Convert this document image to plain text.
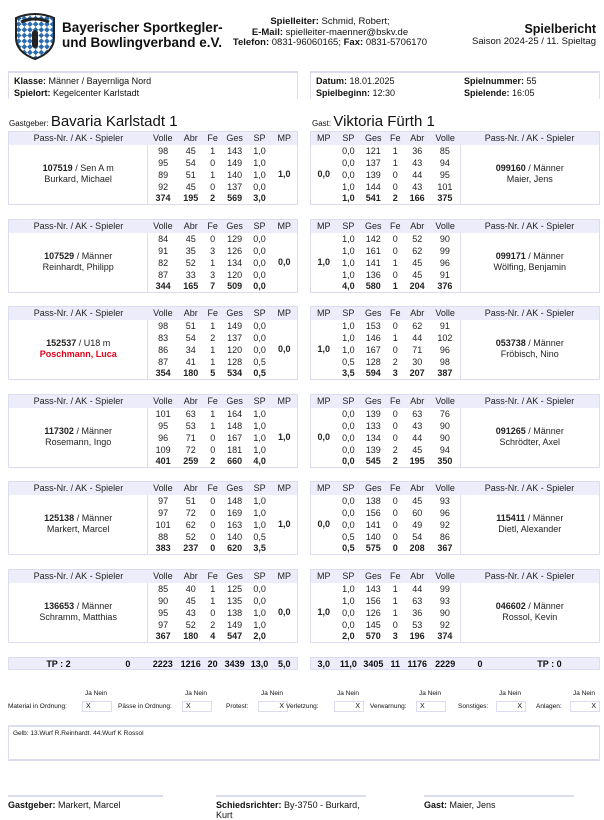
Bayerischer Sportkegler-
und Bowlingverband e.V.
Spielleiter: Schmid, Robert;
E-Mail: spielleiter-maenner@bskv.de
Telefon: 0831-96060165; Fax: 0831-5706170
Spielbericht
Saison 2024-25 / 11. Spieltag
Klasse: Männer / Bayernliga Nord
Spielort: Kegelcenter Karlstadt
Datum: 18.01.2025
Spielbeginn: 12:30
Spielnummer: 55
Spielende: 16:05
Gastgeber: Bavaria Karlstadt 1	Gast: Viktoria Fürth 1
Pass-Nr. / AK - Spieler	Volle	Abr	Fe	Ges	SP	MP
107519 / Sen A m
Burkard, Michael	98	45	1	143	1,0	1,0
	95	54	0	149	1,0	
	89	51	1	140	1,0	
	92	45	0	137	0,0	
	374	195	2	569	3,0	
Pass-Nr. / AK - Spieler	Volle	Abr	Fe	Ges	SP	MP
107529 / Männer
Reinhardt, Philipp	84	45	0	129	0,0	0,0
	91	35	3	126	0,0	
	82	52	1	134	0,0	
	87	33	3	120	0,0	
	344	165	7	509	0,0	
Pass-Nr. / AK - Spieler	Volle	Abr	Fe	Ges	SP	MP
152537 / U18 m
Poschmann, Luca	98	51	1	149	0,0	0,0
	83	54	2	137	0,0	
	86	34	1	120	0,0	
	87	41	1	128	0,5	
	354	180	5	534	0,5	
Pass-Nr. / AK - Spieler	Volle	Abr	Fe	Ges	SP	MP
117302 / Männer
Rosemann, Ingo	101	63	1	164	1,0	1,0
	95	53	1	148	1,0	
	96	71	0	167	1,0	
	109	72	0	181	1,0	
	401	259	2	660	4,0	
Pass-Nr. / AK - Spieler	Volle	Abr	Fe	Ges	SP	MP
125138 / Männer
Markert, Marcel	97	51	0	148	1,0	1,0
	97	72	0	169	1,0	
	101	62	0	163	1,0	
	88	52	0	140	0,5	
	383	237	0	620	3,5	
Pass-Nr. / AK - Spieler	Volle	Abr	Fe	Ges	SP	MP
136653 / Männer
Schramm, Matthias	85	40	1	125	0,0	0,0
	90	45	1	135	0,0	
	95	43	0	138	1,0	
	97	52	2	149	1,0	
	367	180	4	547	2,0	
MP	SP	Ges	Fe	Abr	Volle	Pass-Nr. / AK - Spieler
0,0	0,0	121	1	36	85	099160 / Männer
Maier, Jens
	0,0	137	1	43	94	
	0,0	139	0	44	95	
	1,0	144	0	43	101	
	1,0	541	2	166	375	
MP	SP	Ges	Fe	Abr	Volle	Pass-Nr. / AK - Spieler
1,0	1,0	142	0	52	90	099171 / Männer
Wölfing, Benjamin
	1,0	161	0	62	99	
	1,0	141	1	45	96	
	1,0	136	0	45	91	
	4,0	580	1	204	376	
MP	SP	Ges	Fe	Abr	Volle	Pass-Nr. / AK - Spieler
1,0	1,0	153	0	62	91	053738 / Männer
Fröbisch, Nino
	1,0	146	1	44	102	
	1,0	167	0	71	96	
	0,5	128	2	30	98	
	3,5	594	3	207	387	
MP	SP	Ges	Fe	Abr	Volle	Pass-Nr. / AK - Spieler
0,0	0,0	139	0	63	76	091265 / Männer
Schrödter, Axel
	0,0	133	0	43	90	
	0,0	134	0	44	90	
	0,0	139	2	45	94	
	0,0	545	2	195	350	
MP	SP	Ges	Fe	Abr	Volle	Pass-Nr. / AK - Spieler
0,0	0,0	138	0	45	93	115411 / Männer
Dietl, Alexander
	0,0	156	0	60	96	
	0,0	141	0	49	92	
	0,5	140	0	54	86	
	0,5	575	0	208	367	
MP	SP	Ges	Fe	Abr	Volle	Pass-Nr. / AK - Spieler
1,0	1,0	143	1	44	99	046602 / Männer
Rossol, Kevin
	1,0	156	1	63	93	
	0,0	126	1	36	90	
	0,0	145	0	53	92	
	2,0	570	3	196	374	
TP : 2	0	2223	1216	20	3439	13,0	5,0	3,0	11,0	3405	11	1176	2229	0	TP : 0
Ja Nein
Material in Ordnung:	X
Ja Nein
Pässe in Ordnung:	X
Ja Nein
Protest:	X
Ja Nein
Verletzung:	X
Ja Nein
Verwarnung:	X
Ja Nein
Sonstiges:	X
Ja Nein
Anlagen:	X
Gelb: 13.Wurf R.Reinhardt. 44.Wurf K Rossol
Gastgeber: Markert, Marcel	Schiedsrichter: By-3750 - Burkard, Kurt
Gast: Maier, Jens
